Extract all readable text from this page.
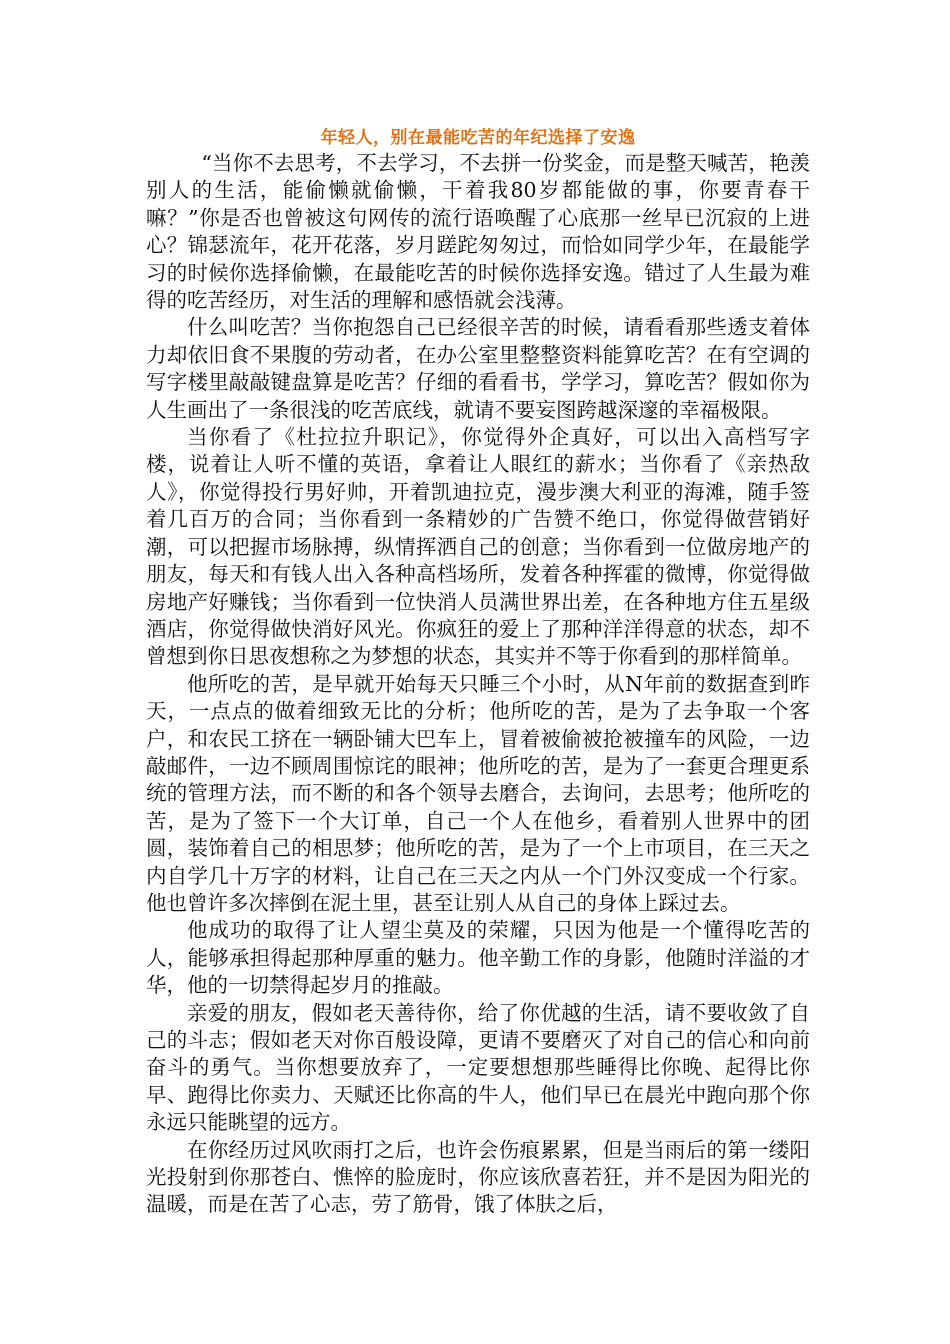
年轻人，别在最能吃苦的年纪选择了安逸

“当你不去思考，不去学习，不去拼一份奖金，而是整天喊苦，艳羡别人的生活，能偷懒就偷懒，干着我80岁都能做的事，你要青春干嘛？”你是否也曾被这句网传的流行语唤醒了心底那一丝早已沉寂的上进心？锦瑟流年，花开花落，岁月蹉跎匆匆过，而恰如同学少年，在最能学习的时候你选择偷懒，在最能吃苦的时候你选择安逸。错过了人生最为难得的吃苦经历，对生活的理解和感悟就会浅薄。

什么叫吃苦？当你抱怨自己已经很辛苦的时候，请看看那些透支着体力却依旧食不果腹的劳动者，在办公室里整整资料能算吃苦？在有空调的写字楼里敲敲键盘算是吃苦？仔细的看看书，学学习，算吃苦？假如你为人生画出了一条很浅的吃苦底线，就请不要妄图跨越深邃的幸福极限。

当你看了《杜拉拉升职记》，你觉得外企真好，可以出入高档写字楼，说着让人听不懂的英语，拿着让人眼红的薪水；当你看了《亲热敌人》，你觉得投行男好帅，开着凯迪拉克，漫步澳大利亚的海滩，随手签着几百万的合同；当你看到一条精妙的广告赞不绝口，你觉得做营销好潮，可以把握市场脉搏，纵情挥洒自己的创意；当你看到一位做房地产的朋友，每天和有钱人出入各种高档场所，发着各种挥霍的微博，你觉得做房地产好赚钱；当你看到一位快消人员满世界出差，在各种地方住五星级酒店，你觉得做快消好风光。你疯狂的爱上了那种洋洋得意的状态，却不曾想到你日思夜想称之为梦想的状态，其实并不等于你看到的那样简单。

他所吃的苦，是早就开始每天只睡三个小时，从N年前的数据查到昨天，一点点的做着细致无比的分析；他所吃的苦，是为了去争取一个客户，和农民工挤在一辆卧铺大巴车上，冒着被偷被抢被撞车的风险，一边敲邮件，一边不顾周围惊诧的眼神；他所吃的苦，是为了一套更合理更系统的管理方法，而不断的和各个领导去磨合，去询问，去思考；他所吃的苦，是为了签下一个大订单，自己一个人在他乡，看着别人世界中的团圆，装饰着自己的相思梦；他所吃的苦，是为了一个上市项目，在三天之内自学几十万字的材料，让自己在三天之内从一个门外汉变成一个行家。他也曾许多次摔倒在泥土里，甚至让别人从自己的身体上踩过去。

他成功的取得了让人望尘莫及的荣耀，只因为他是一个懂得吃苦的人，能够承担得起那种厚重的魅力。他辛勤工作的身影，他随时洋溢的才华，他的一切禁得起岁月的推敲。

亲爱的朋友，假如老天善待你，给了你优越的生活，请不要收敛了自己的斗志；假如老天对你百般设障，更请不要磨灭了对自己的信心和向前奋斗的勇气。当你想要放弃了，一定要想想那些睡得比你晚、起得比你早、跑得比你卖力、天赋还比你高的牛人，他们早已在晨光中跑向那个你永远只能眺望的远方。

在你经历过风吹雨打之后，也许会伤痕累累，但是当雨后的第一缕阳光投射到你那苍白、憔悴的脸庞时，你应该欣喜若狂，并不是因为阳光的温暖，而是在苦了心志，劳了筋骨，饿了体肤之后，
